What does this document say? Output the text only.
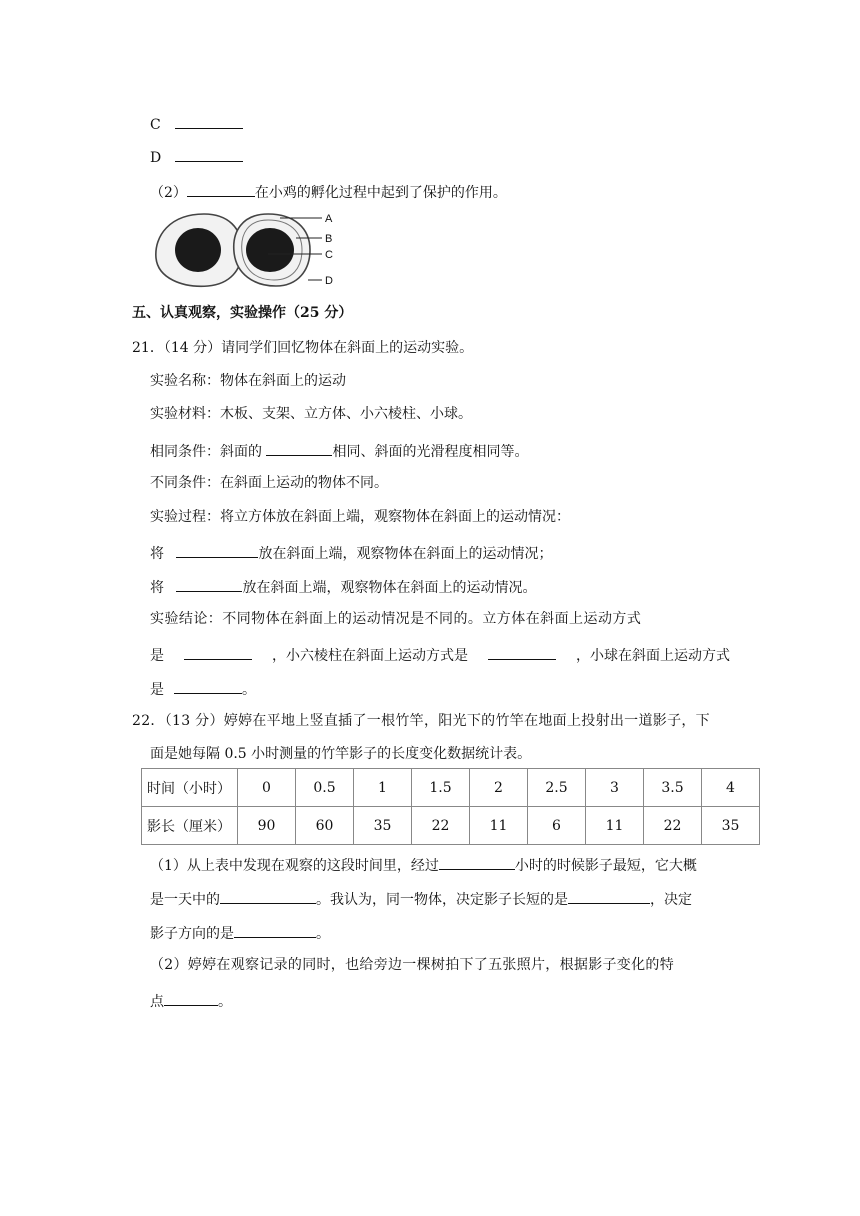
C
D
（2）	在小鸡的孵化过程中起到了保护的作用。
A
B
C
D
五、认真观察，实验操作（25 分）
21．（14 分）请同学们回忆物体在斜面上的运动实验。
实验名称：物体在斜面上的运动
实验材料：木板、支架、立方体、小六棱柱、小球。
相同条件：斜面的	相同、斜面的光滑程度相同等。
不同条件：在斜面上运动的物体不同。
实验过程：将立方体放在斜面上端，观察物体在斜面上的运动情况：
将	放在斜面上端，观察物体在斜面上的运动情况；
将	放在斜面上端，观察物体在斜面上的运动情况。
实验结论：不同物体在斜面上的运动情况是不同的。立方体在斜面上运动方式
是	，小六棱柱在斜面上运动方式是	，小球在斜面上运动方式
是	。
22．（13 分）婷婷在平地上竖直插了一根竹竿，阳光下的竹竿在地面上投射出一道影子，下
面是她每隔 0.5 小时测量的竹竿影子的长度变化数据统计表。
时间（小时）	0	0.5	1	1.5	2	2.5	3	3.5	4
影长（厘米）	90	60	35	22	11	6	11	22	35
（1）从上表中发现在观察的这段时间里，经过	小时的时候影子最短，它大概
是一天中的	。我认为，同一物体，决定影子长短的是	，决定
影子方向的是	。
（2）婷婷在观察记录的同时，也给旁边一棵树拍下了五张照片，根据影子变化的特
点	。
